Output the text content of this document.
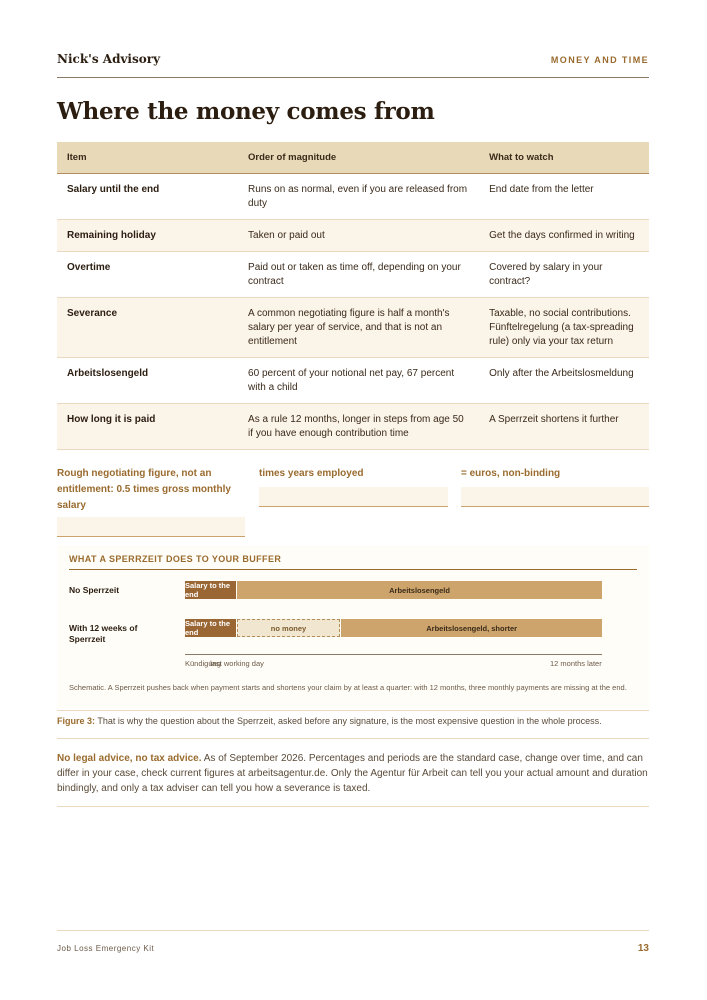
Nick's Advisory	MONEY AND TIME
Where the money comes from
Item	Order of magnitude	What to watch
Salary until the end	Runs on as normal, even if you are released from duty	End date from the letter
Remaining holiday	Taken or paid out	Get the days confirmed in writing
Overtime	Paid out or taken as time off, depending on your contract	Covered by salary in your contract?
Severance	A common negotiating figure is half a month's salary per year of service, and that is not an entitlement	Taxable, no social contributions. Fünftelregelung (a tax-spreading rule) only via your tax return
Arbeitslosengeld	60 percent of your notional net pay, 67 percent with a child	Only after the Arbeitslosmeldung
How long it is paid	As a rule 12 months, longer in steps from age 50 if you have enough contribution time	A Sperrzeit shortens it further
Rough negotiating figure, not an entitlement: 0.5 times gross monthly salary
times years employed	= euros, non-binding
WHAT A SPERRZEIT DOES TO YOUR BUFFER
Schematic. A Sperrzeit pushes back when payment starts and shortens your claim by at least a quarter: with 12 months, three monthly payments are missing at the end.
No Sperrzeit	Salary to the end	Arbeitslosengeld
With 12 weeks of Sperrzeit
Salary to the end	no money	Arbeitslosengeld, shorter
Kündigung
last working day	12 months later
Figure 3: That is why the question about the Sperrzeit, asked before any signature, is the most expensive question in the whole process.
No legal advice, no tax advice. As of September 2026. Percentages and periods are the standard case, change over time, and can differ in your case, check current figures at arbeitsagentur.de. Only the Agentur für Arbeit can tell you your actual amount and duration bindingly, and only a tax adviser can tell you how a severance is taxed.
Job Loss Emergency Kit	13
